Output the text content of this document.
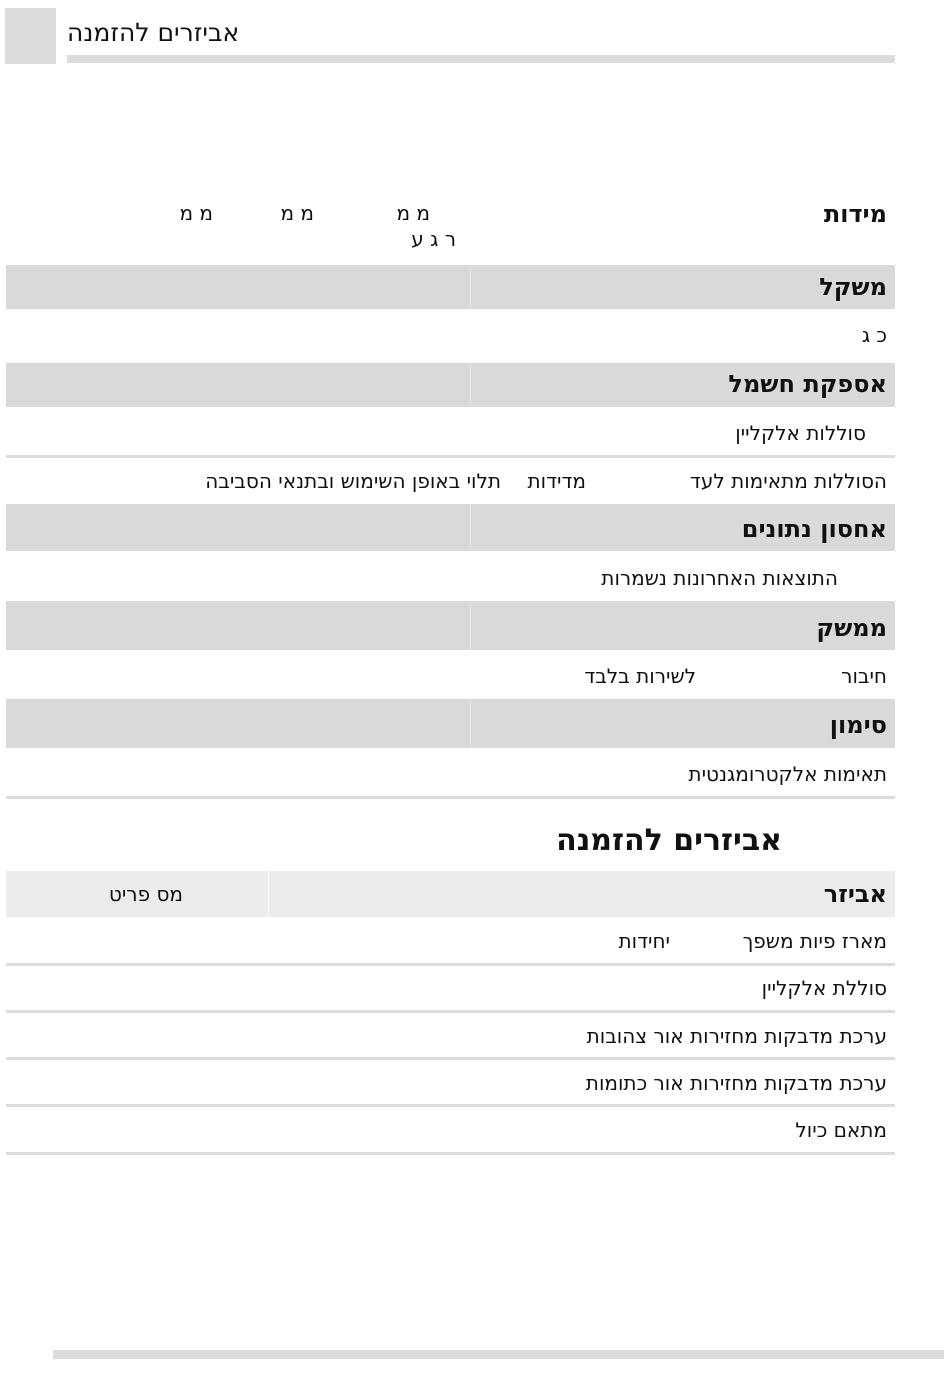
אביזרים להזמנה
מידות
מ מ
ר ג ע
מ מ
מ מ
משקל
כ ג
אספקת חשמל
סוללות אלקליין
הסוללות מתאימות לעד
מדידות
תלוי באופן השימוש ובתנאי הסביבה
אחסון נתונים
התוצאות האחרונות נשמרות
ממשק
חיבור
לשירות בלבד
סימון
תאימות אלקטרומגנטית
אביזרים להזמנה
אביזר
מס פריט
מארז פיות משפך
יחידות
סוללת אלקליין
ערכת מדבקות מחזירות אור צהובות
ערכת מדבקות מחזירות אור כתומות
מתאם כיול
